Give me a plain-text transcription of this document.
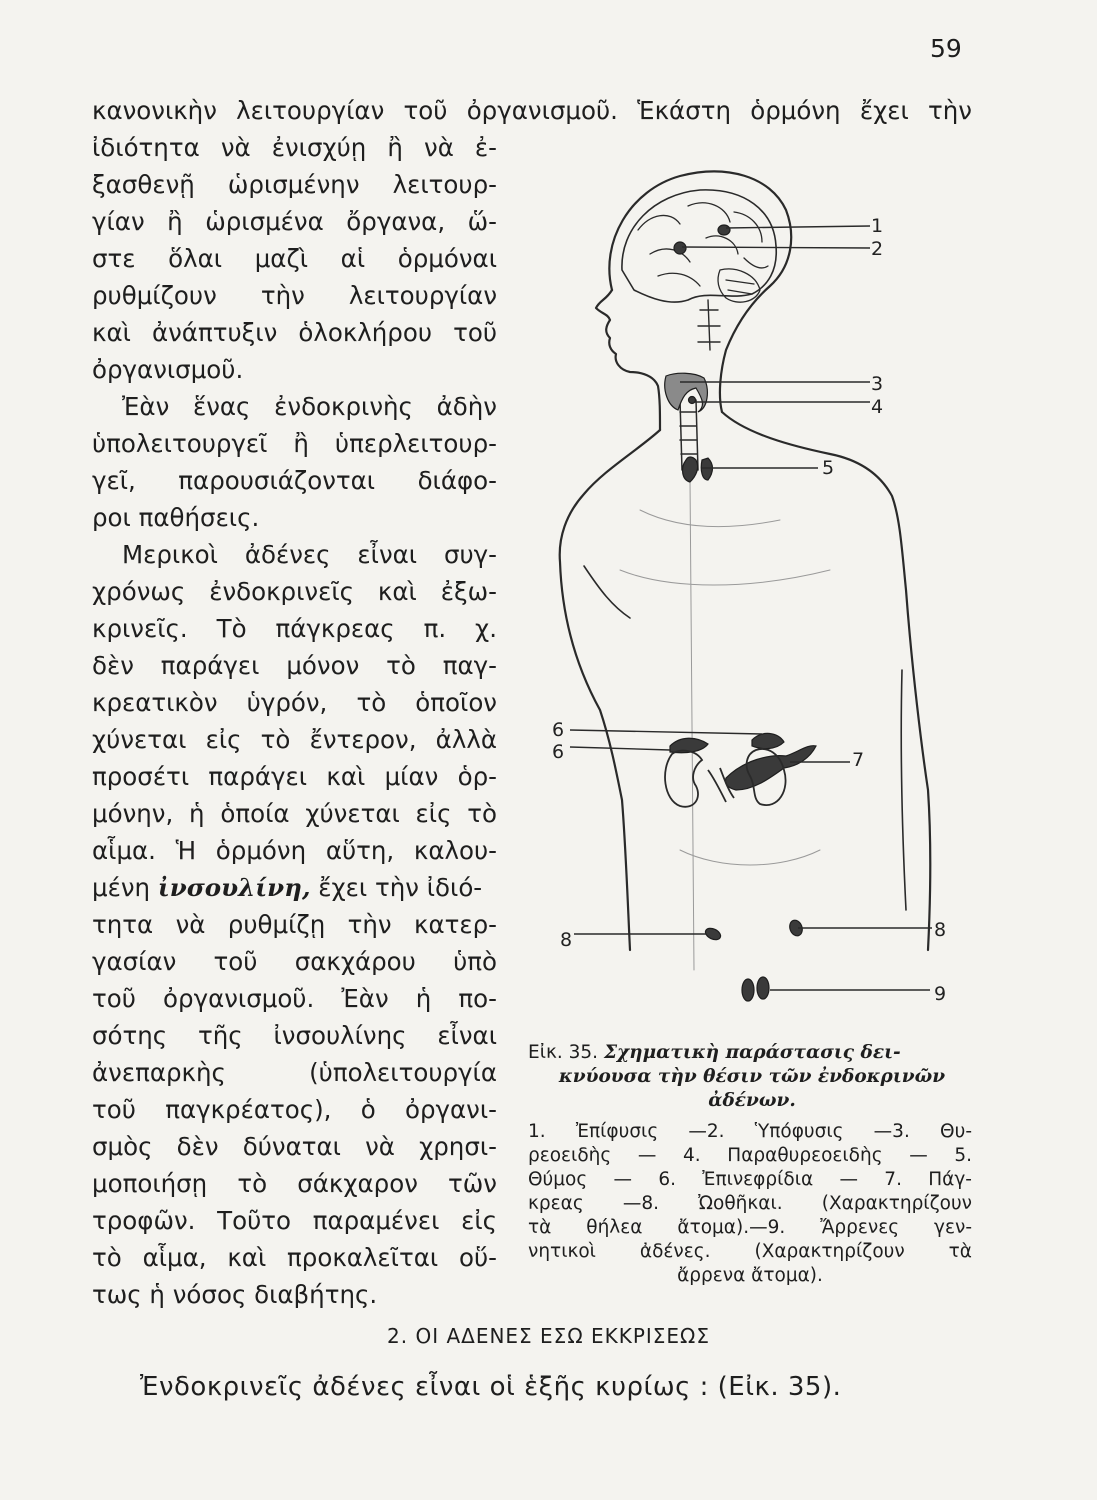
59
κανονικὴν λειτουργίαν τοῦ ὀργανισμοῦ. Ἑκάστη ὁρμόνη ἔχει τὴν
ἰδιότητα νὰ ἐνισχύῃ ἢ νὰ ἐ-
ξασθενῇ ὡρισμένην λειτουρ-
γίαν ἢ ὡρισμένα ὄργανα, ὥ-
στε ὅλαι μαζὶ αἱ ὁρμόναι
ρυθμίζουν τὴν λειτουργίαν
καὶ ἀνάπτυξιν ὁλοκλήρου τοῦ
ὀργανισμοῦ.
Ἐὰν ἕνας ἐνδοκρινὴς ἀδὴν
ὑπολειτουργεῖ ἢ ὑπερλειτουρ-
γεῖ, παρουσιάζονται διάφο-
ροι παθήσεις.
Μερικοὶ ἀδένες εἶναι συγ-
χρόνως ἐνδοκρινεῖς καὶ ἐξω-
κρινεῖς. Τὸ πάγκρεας π. χ.
δὲν παράγει μόνον τὸ παγ-
κρεατικὸν ὑγρόν, τὸ ὁποῖον
χύνεται εἰς τὸ ἔντερον, ἀλλὰ
προσέτι παράγει καὶ μίαν ὁρ-
μόνην, ἡ ὁποία χύνεται εἰς τὸ
αἷμα. Ἡ ὁρμόνη αὕτη, καλου-
μένη ἰνσουλίνη, ἔχει τὴν ἰδιό-
τητα νὰ ρυθμίζῃ τὴν κατερ-
γασίαν τοῦ σακχάρου ὑπὸ
τοῦ ὀργανισμοῦ. Ἐὰν ἡ πο-
σότης τῆς ἰνσουλίνης εἶναι
ἀνεπαρκὴς (ὑπολειτουργία
τοῦ παγκρέατος), ὁ ὀργανι-
σμὸς δὲν δύναται νὰ χρησι-
μοποιήσῃ τὸ σάκχαρον τῶν
τροφῶν. Τοῦτο παραμένει εἰς
τὸ αἷμα, καὶ προκαλεῖται οὕ-
τως ἡ νόσος διαβήτης.
1
2
3
4
5
6
6	7
8	8
9
Εἰκ. 35. Σχηματικὴ παράστασις δει-
κνύουσα τὴν θέσιν τῶν ἐνδοκρινῶν
ἀδένων.
1. Ἐπίφυσις —2. Ὑπόφυσις —3. Θυ-
ρεοειδὴς — 4. Παραθυρεοειδὴς — 5.
Θύμος — 6. Ἐπινεφρίδια — 7. Πάγ-
κρεας —8. Ὠοθῆκαι. (Χαρακτηρίζουν
τὰ θήλεα ἄτομα).—9. Ἄρρενες γεν-
νητικοὶ ἀδένες. (Χαρακτηρίζουν τὰ
ἄρρενα ἄτομα).
2. ΟΙ ΑΔΕΝΕΣ ΕΣΩ ΕΚΚΡΙΣΕΩΣ
Ἐνδοκρινεῖς ἀδένες εἶναι οἱ ἑξῆς κυρίως : (Εἰκ. 35).
